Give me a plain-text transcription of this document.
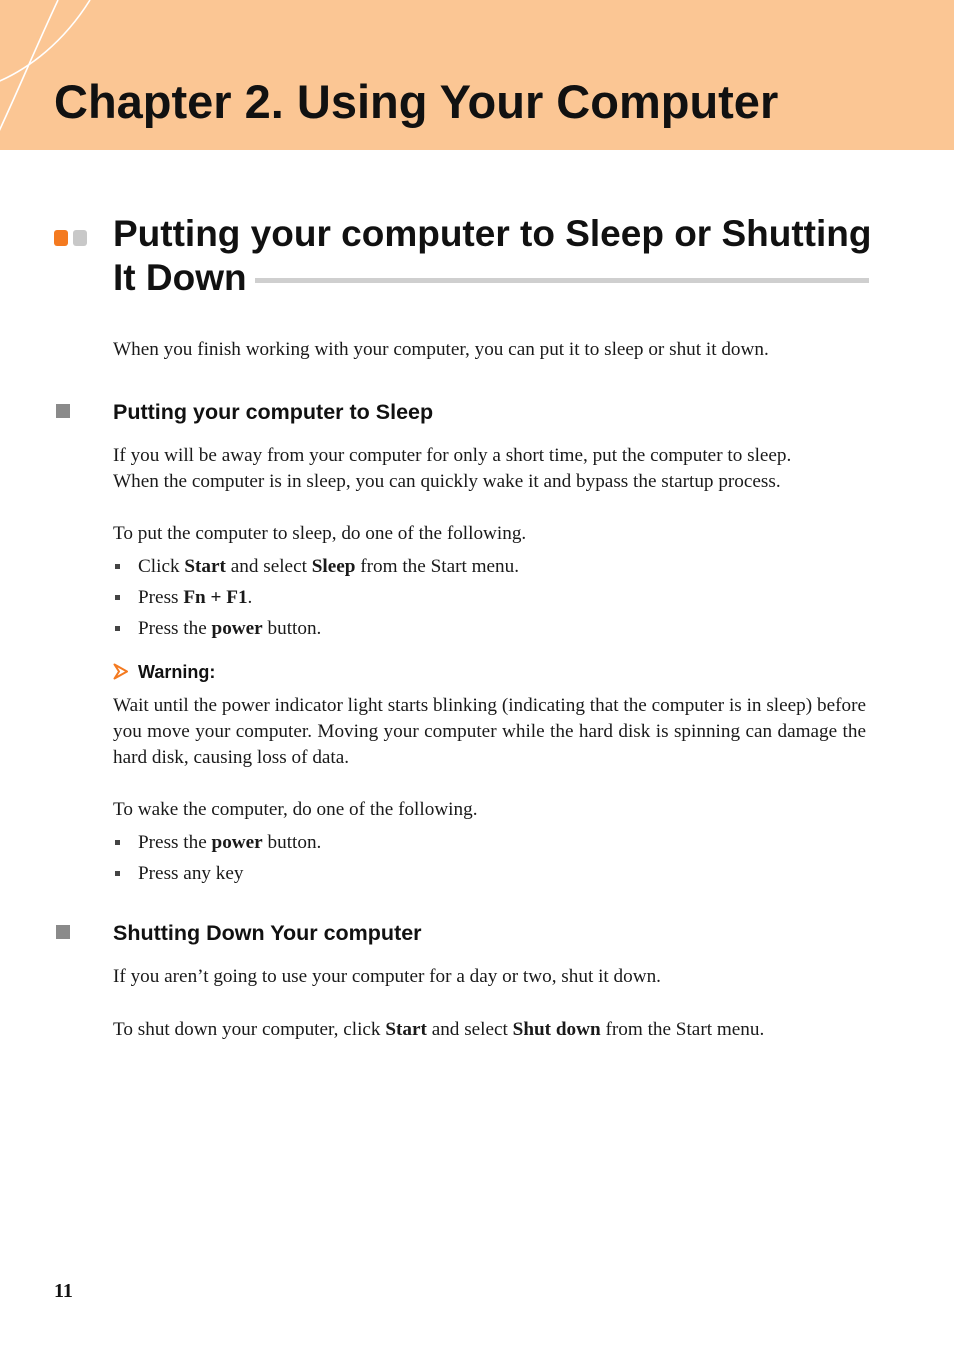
Chapter 2. Using Your Computer
Putting your computer to Sleep or Shutting It Down

When you finish working with your computer, you can put it to sleep or shut it down.

Putting your computer to Sleep

If you will be away from your computer for only a short time, put the computer to sleep.
When the computer is in sleep, you can quickly wake it and bypass the startup process.

To put the computer to sleep, do one of the following.

Click Start and select Sleep from the Start menu.
Press Fn + F1.
Press the power button.
Warning:

Wait until the power indicator light starts blinking (indicating that the computer is in sleep) before you move your computer. Moving your computer while the hard disk is spinning can damage the hard disk, causing loss of data.

To wake the computer, do one of the following.

Press the power button.
Press any key
Shutting Down Your computer

If you aren’t going to use your computer for a day or two, shut it down.

To shut down your computer, click Start and select Shut down from the Start menu.

11
